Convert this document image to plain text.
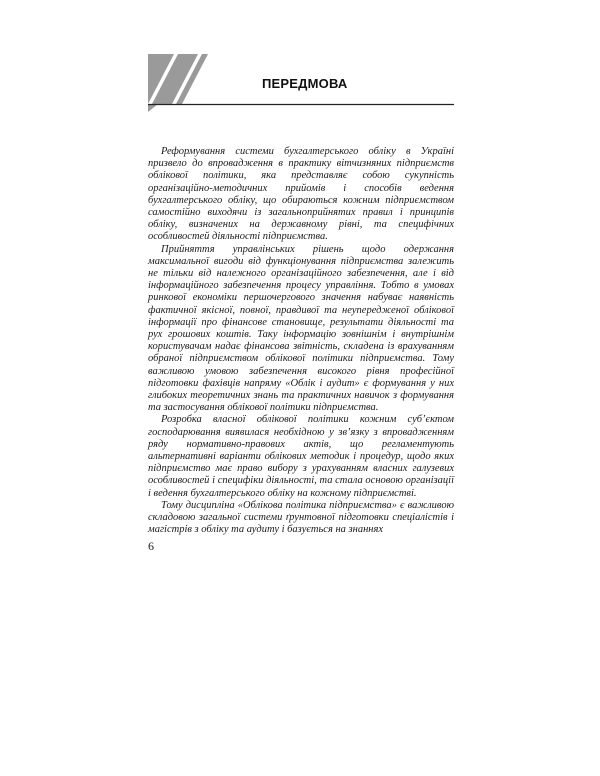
ПЕРЕДМОВА

Реформування системи бухгалтерського обліку в Україні призвело до впровадження в практику вітчизняних підприємств облікової політики, яка представляє собою сукупність організаційно-методичних прийомів і способів ведення бухгалтерського обліку, що обираються кожним підприємством самостійно виходячи із загальноприйнятих правил і принципів обліку, визначених на державному рівні, та специфічних особливостей діяльності підприємства.

Прийняття управлінських рішень щодо одержання максимальної вигоди від функціонування підприємства залежить не тільки від належного організаційного забезпечення, але і від інформаційного забезпечення процесу управління. Тобто в умовах ринкової економіки першочергового значення набуває наявність фактичної якісної, повної, правдивої та неупередженої облікової інформації про фінансове становище, результати діяльності та рух грошових коштів. Таку інформацію зовнішнім і внутрішнім користувачам надає фінансова звітність, складена із врахуванням обраної підприємством облікової політики підприємства. Тому важливою умовою забезпечення високого рівня професійної підготовки фахівців напряму «Облік і аудит» є формування у них глибоких теоретичних знань та практичних навичок з формування та застосування облікової політики підприємства.

Розробка власної облікової політики кожним суб’єктом господарювання виявилася необхідною у зв’язку з впровадженням ряду нормативно-правових актів, що регламентують альтернативні варіанти облікових методик і процедур, щодо яких підприємство має право вибору з урахуванням власних галузевих особливостей і специфіки діяльності, та стала основою організації і ведення бухгалтерського обліку на кожному підприємстві.

Тому дисципліна «Облікова політика підприємства» є важливою складовою загальної системи ґрунтовної підготовки спеціалістів і магістрів з обліку та аудиту і базується на знаннях

6
